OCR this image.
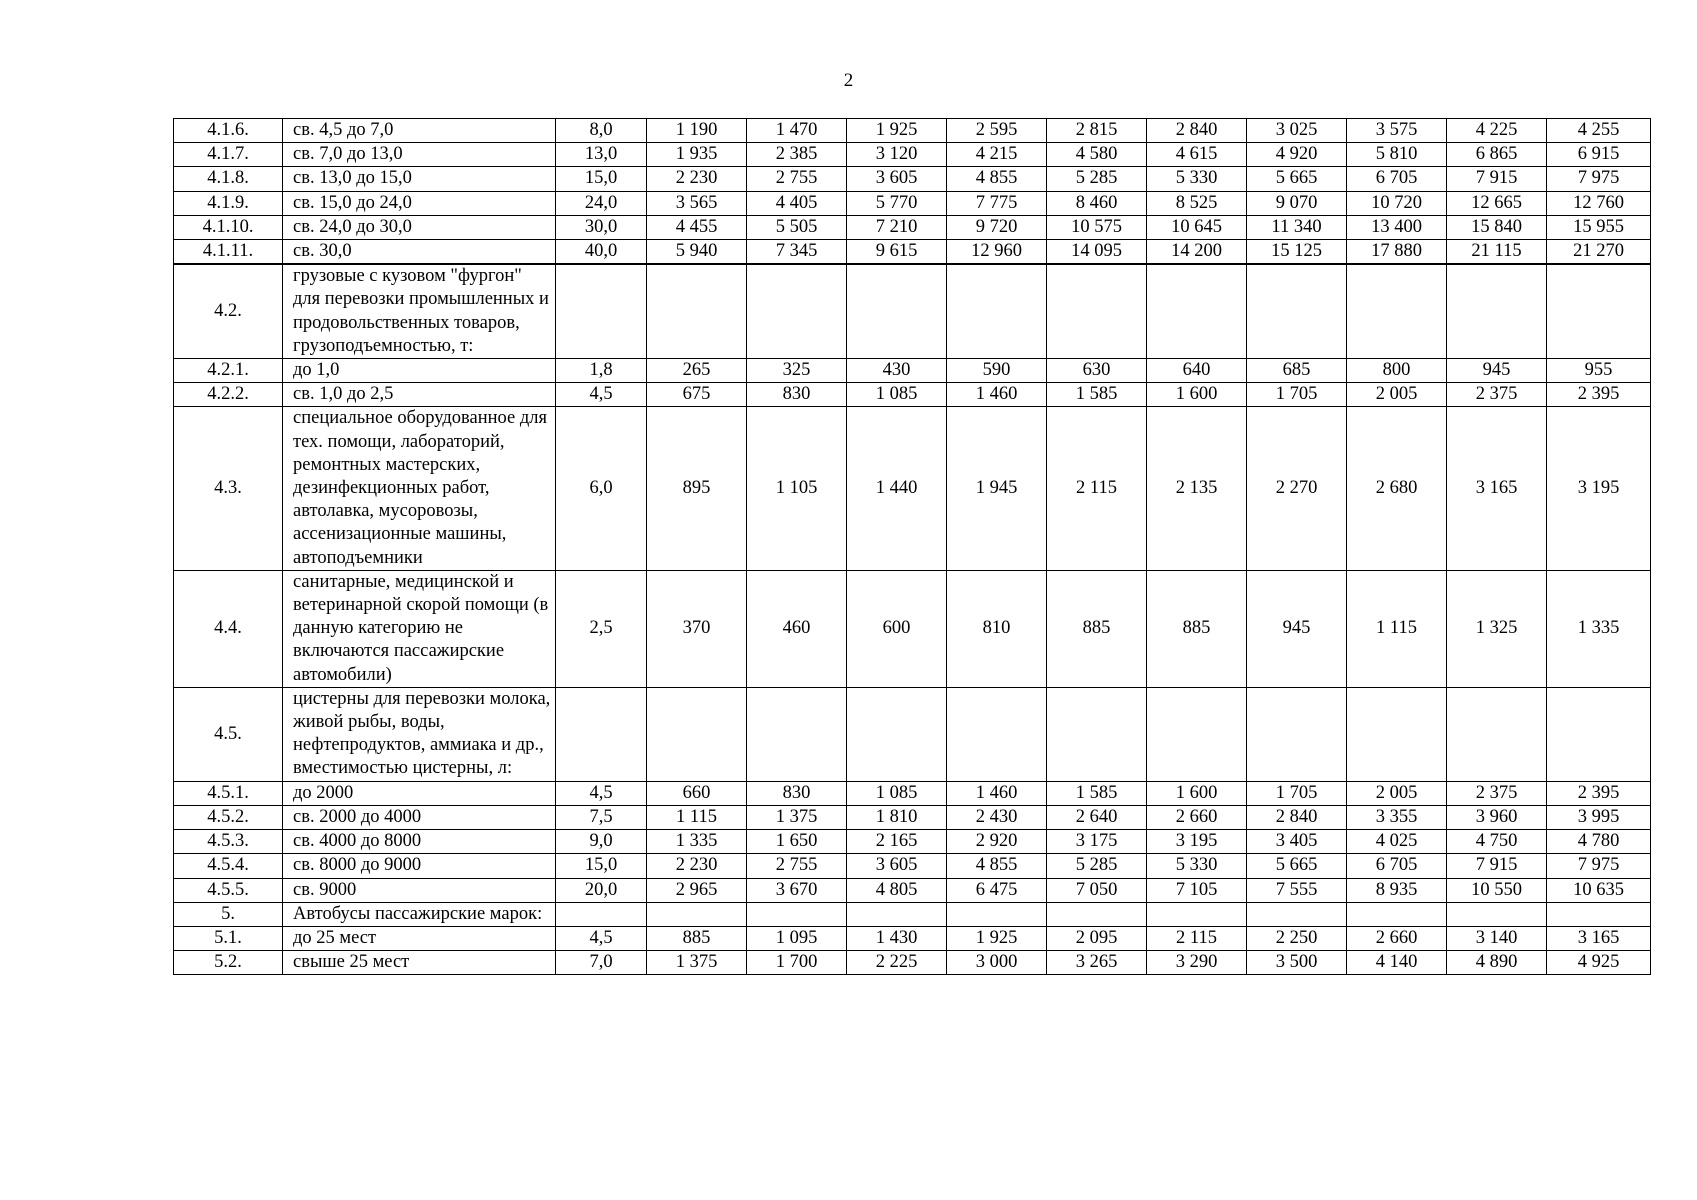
2
4.1.6.	св. 4,5 до 7,0	8,0	1 190	1 470	1 925	2 595	2 815	2 840	3 025	3 575	4 225	4 255
4.1.7.	св. 7,0 до 13,0	13,0	1 935	2 385	3 120	4 215	4 580	4 615	4 920	5 810	6 865	6 915
4.1.8.	св. 13,0 до 15,0	15,0	2 230	2 755	3 605	4 855	5 285	5 330	5 665	6 705	7 915	7 975
4.1.9.	св. 15,0 до 24,0	24,0	3 565	4 405	5 770	7 775	8 460	8 525	9 070	10 720	12 665	12 760
4.1.10.	св. 24,0 до 30,0	30,0	4 455	5 505	7 210	9 720	10 575	10 645	11 340	13 400	15 840	15 955
4.1.11.	св. 30,0	40,0	5 940	7 345	9 615	12 960	14 095	14 200	15 125	17 880	21 115	21 270
4.2.	грузовые с кузовом "фургон" для перевозки промышленных и продовольственных товаров, грузоподъемностью, т:											
4.2.1.	до 1,0	1,8	265	325	430	590	630	640	685	800	945	955
4.2.2.	св. 1,0 до 2,5	4,5	675	830	1 085	1 460	1 585	1 600	1 705	2 005	2 375	2 395
4.3.	специальное оборудованное для тех. помощи, лабораторий, ремонтных мастерских, дезинфекционных работ, автолавка, мусоровозы, ассенизационные машины, автоподъемники	6,0	895	1 105	1 440	1 945	2 115	2 135	2 270	2 680	3 165	3 195
4.4.	санитарные, медицинской и ветеринарной скорой помощи (в данную категорию не включаются пассажирские автомобили)	2,5	370	460	600	810	885	885	945	1 115	1 325	1 335
4.5.	цистерны для перевозки молока, живой рыбы, воды, нефтепродуктов, аммиака и др., вместимостью цистерны, л:											
4.5.1.	до 2000	4,5	660	830	1 085	1 460	1 585	1 600	1 705	2 005	2 375	2 395
4.5.2.	св. 2000 до 4000	7,5	1 115	1 375	1 810	2 430	2 640	2 660	2 840	3 355	3 960	3 995
4.5.3.	св. 4000 до 8000	9,0	1 335	1 650	2 165	2 920	3 175	3 195	3 405	4 025	4 750	4 780
4.5.4.	св. 8000 до 9000	15,0	2 230	2 755	3 605	4 855	5 285	5 330	5 665	6 705	7 915	7 975
4.5.5.	св. 9000	20,0	2 965	3 670	4 805	6 475	7 050	7 105	7 555	8 935	10 550	10 635
5.	Автобусы пассажирские марок:											
5.1.	до 25 мест	4,5	885	1 095	1 430	1 925	2 095	2 115	2 250	2 660	3 140	3 165
5.2.	свыше 25 мест	7,0	1 375	1 700	2 225	3 000	3 265	3 290	3 500	4 140	4 890	4 925
